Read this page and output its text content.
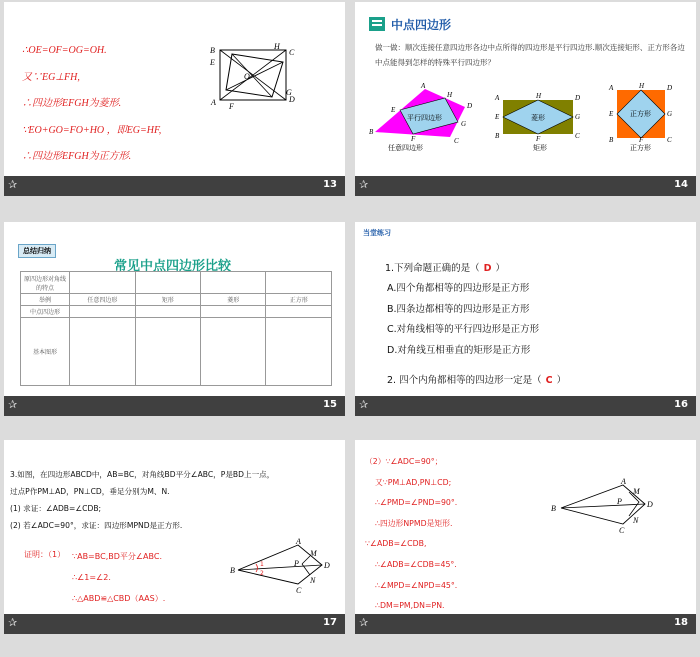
∴OE=OF=OG=OH.
又∵EG⊥FH,
∴四边形EFGH为菱形.
∵EO+GO=FO+HO ，即EG=HF,
∴四边形EFGH为正方形.
B	H
C
E
O
G
D
A F
✰	13
中点四边形
做一做：顺次连接任意四边形各边中点所得的四边形是平行四边形.顺次连接矩形、正方形各边中点能得到怎样的特殊平行四边形？
平行四边形
任意四边形
A
H
D
E
B
F	C
G
菱形
矩形
A	H	D
E	G
B	F	C
正方形
正方形
A	H	D
E	G
B	F	C
✰	14
总结归纳
常见中点四边形比较
原四边形对角线的特点				
举例	任意四边形	矩形	菱形	正方形
中点四边形				
基本图形				
✰	15
当堂练习
1.下列命题正确的是（ D ）
A.四个角都相等的四边形是正方形
B.四条边都相等的四边形是正方形
C.对角线相等的平行四边形是正方形
D.对角线互相垂直的矩形是正方形
2. 四个内角都相等的四边形一定是（ C ）
✰	16
3.如图，在四边形ABCD中，AB=BC，对角线BD平分∠ABC，P是BD上一点，
过点P作PM⊥AD，PN⊥CD，垂足分别为M、N.
(1) 求证：∠ADB=∠CDB;
(2) 若∠ADC=90°，求证：四边形MPND是正方形.
证明：（1） ∵AB=BC,BD平分∠ABC.
∴∠1=∠2.
∴△ABD≌△CBD（AAS）.
B
A
M
P	D
N
C
1
2
✰	17
（2）∵∠ADC=90°；
又∵PM⊥AD,PN⊥CD;
∴∠PMD=∠PND=90°.
∴四边形NPMD是矩形.
∵∠ADB=∠CDB,
∴∠ADB=∠CDB=45°.
∴∠MPD=∠NPD=45°.
∴DM=PM,DN=PN.
B
A
M
P	D
N
C
✰	18
